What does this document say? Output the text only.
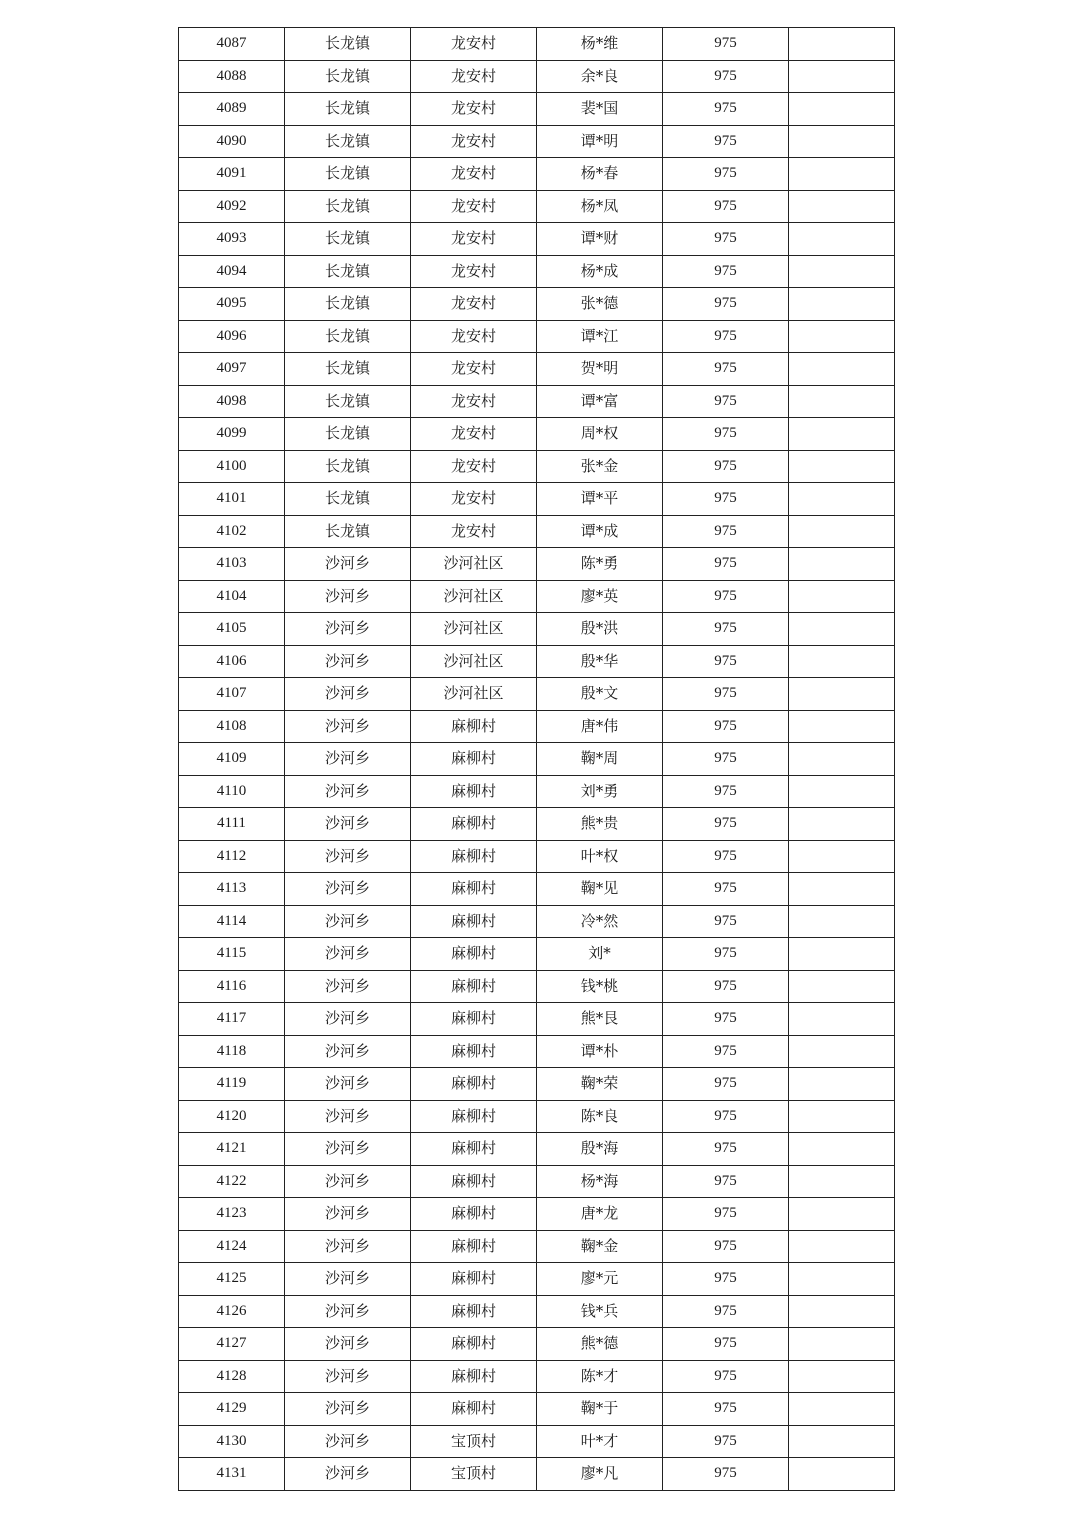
4087	长龙镇	龙安村	杨*维	975	
4088	长龙镇	龙安村	余*良	975	
4089	长龙镇	龙安村	裴*国	975	
4090	长龙镇	龙安村	谭*明	975	
4091	长龙镇	龙安村	杨*春	975	
4092	长龙镇	龙安村	杨*凤	975	
4093	长龙镇	龙安村	谭*财	975	
4094	长龙镇	龙安村	杨*成	975	
4095	长龙镇	龙安村	张*德	975	
4096	长龙镇	龙安村	谭*江	975	
4097	长龙镇	龙安村	贺*明	975	
4098	长龙镇	龙安村	谭*富	975	
4099	长龙镇	龙安村	周*权	975	
4100	长龙镇	龙安村	张*金	975	
4101	长龙镇	龙安村	谭*平	975	
4102	长龙镇	龙安村	谭*成	975	
4103	沙河乡	沙河社区	陈*勇	975	
4104	沙河乡	沙河社区	廖*英	975	
4105	沙河乡	沙河社区	殷*洪	975	
4106	沙河乡	沙河社区	殷*华	975	
4107	沙河乡	沙河社区	殷*文	975	
4108	沙河乡	麻柳村	唐*伟	975	
4109	沙河乡	麻柳村	鞠*周	975	
4110	沙河乡	麻柳村	刘*勇	975	
4111	沙河乡	麻柳村	熊*贵	975	
4112	沙河乡	麻柳村	叶*权	975	
4113	沙河乡	麻柳村	鞠*见	975	
4114	沙河乡	麻柳村	冷*然	975	
4115	沙河乡	麻柳村	刘*	975	
4116	沙河乡	麻柳村	钱*桃	975	
4117	沙河乡	麻柳村	熊*艮	975	
4118	沙河乡	麻柳村	谭*朴	975	
4119	沙河乡	麻柳村	鞠*荣	975	
4120	沙河乡	麻柳村	陈*良	975	
4121	沙河乡	麻柳村	殷*海	975	
4122	沙河乡	麻柳村	杨*海	975	
4123	沙河乡	麻柳村	唐*龙	975	
4124	沙河乡	麻柳村	鞠*金	975	
4125	沙河乡	麻柳村	廖*元	975	
4126	沙河乡	麻柳村	钱*兵	975	
4127	沙河乡	麻柳村	熊*德	975	
4128	沙河乡	麻柳村	陈*才	975	
4129	沙河乡	麻柳村	鞠*于	975	
4130	沙河乡	宝顶村	叶*才	975	
4131	沙河乡	宝顶村	廖*凡	975	
